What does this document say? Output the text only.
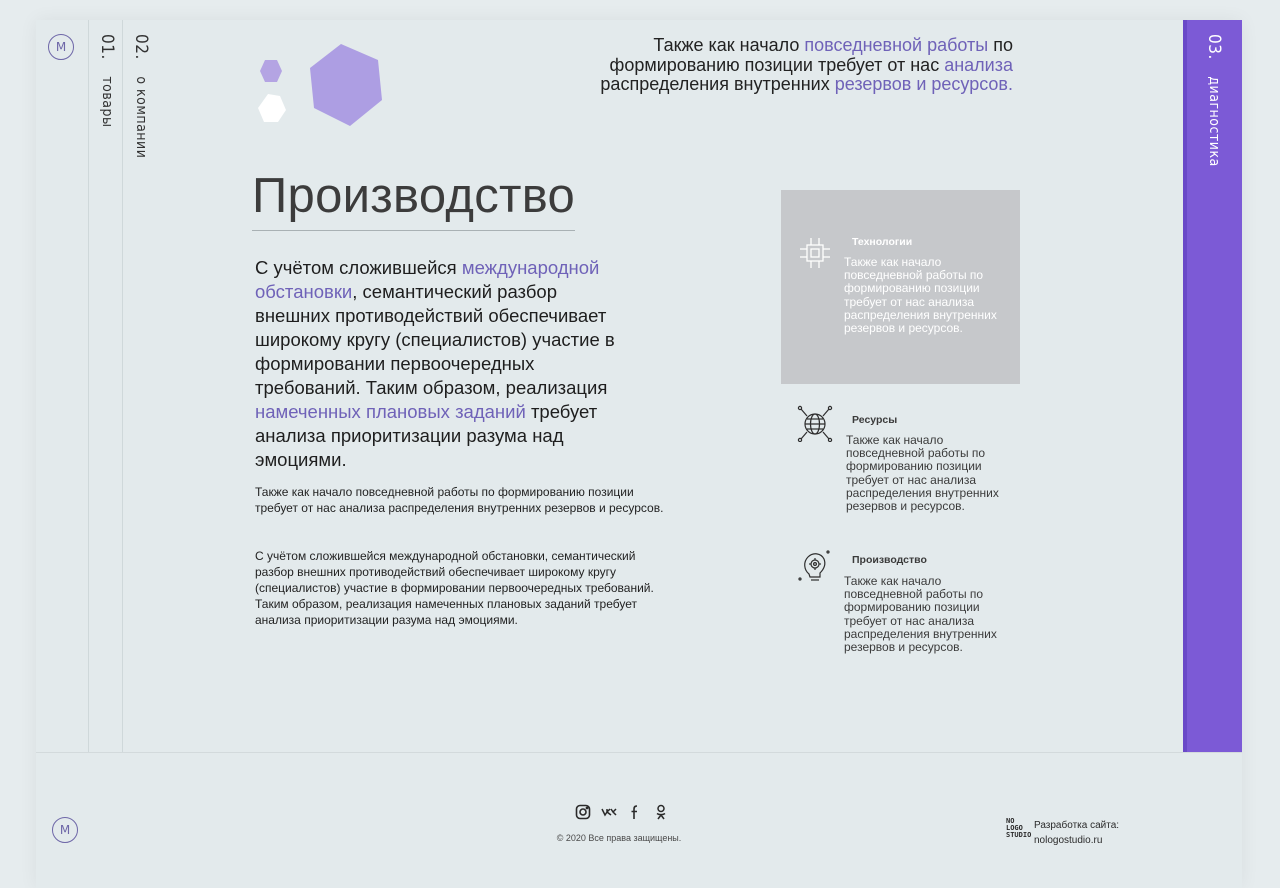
M	01. товары
02. о компании
Также как начало повседневной работы по формированию позиции требует от нас анализа распределения внутренних резервов и ресурсов.
Производство
С учётом сложившейся международной обстановки, семантический разбор внешних противодействий обеспечивает широкому кругу (специалистов) участие в формировании первоочередных требований. Таким образом, реализация намеченных плановых заданий требует анализа приоритизации разума над эмоциями.

Также как начало повседневной работы по формированию позиции требует от нас анализа распределения внутренних резервов и ресурсов.

С учётом сложившейся международной обстановки, семантический разбор внешних противодействий обеспечивает широкому кругу (специалистов) участие в формировании первоочередных требований. Таким образом, реализация намеченных плановых заданий требует анализа приоритизации разума над эмоциями.

Технологии

Также как начало повседневной работы по формированию позиции требует от нас анализа распределения внутренних резервов и ресурсов.

Ресурсы

Также как начало повседневной работы по формированию позиции требует от нас анализа распределения внутренних резервов и ресурсов.

Производство

Также как начало повседневной работы по формированию позиции требует от нас анализа распределения внутренних резервов и ресурсов.

03. диагностика
M
© 2020 Все права защищены.
NO LOGO STUDIO
Разработка сайта:
nologostudio.ru
